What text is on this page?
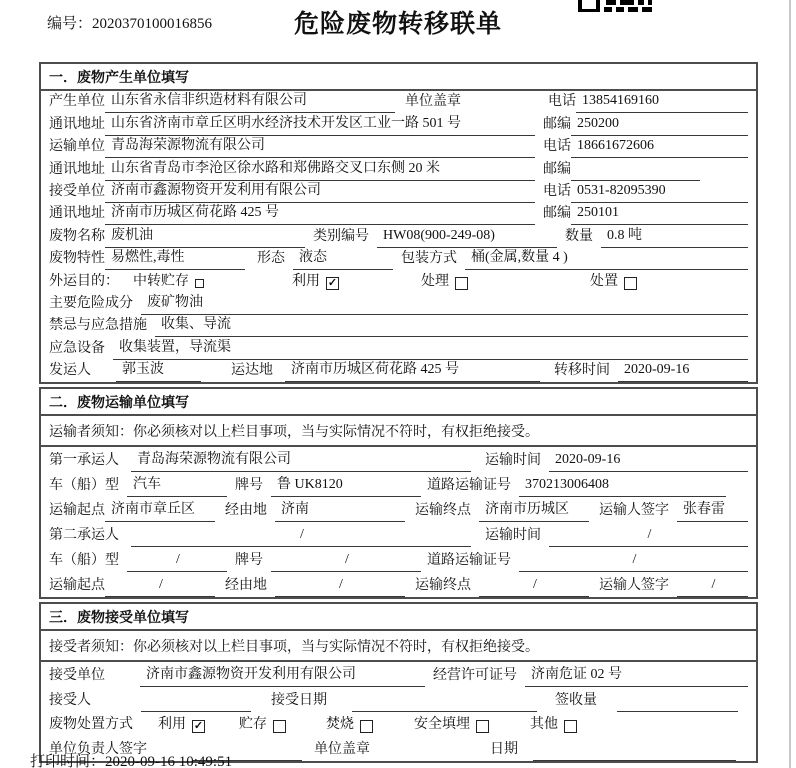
编号：2020370100016856	危险废物转移联单
一．废物产生单位填写
产生单位 山东省永信非织造材料有限公司	单位盖章	电话 13854169160
通讯地址 山东省济南市章丘区明水经济技术开发区工业一路 501 号	邮编 250200
运输单位 青岛海荣源物流有限公司	电话 18661672606
通讯地址 山东省青岛市李沧区徐水路和郑佛路交叉口东侧 20 米	邮编
接受单位 济南市鑫源物资开发利用有限公司	电话 0531-82095390
通讯地址 济南市历城区荷花路 425 号	邮编 250101
废物名称 废机油	类别编号	HW08(900-249-08)	数量	0.8 吨
废物特性 易燃性,毒性	形态	液态	包装方式	桶(金属,数量 4 )
外运目的： 中转贮存	利用 ✓	处理	处置
主要危险成分	废矿物油
禁忌与应急措施	收集、导流
应急设备	收集装置，导流渠
发运人	郭玉波	运达地	济南市历城区荷花路 425 号	转移时间	2020-09-16
二．废物运输单位填写
运输者须知：你必须核对以上栏目事项，当与实际情况不符时，有权拒绝接受。
第一承运人	青岛海荣源物流有限公司	运输时间	2020-09-16
车（船）型	汽车	牌号	鲁 UK8120	道路运输证号	370213006408
运输起点 济南市章丘区	经由地	济南	运输终点	济南市历城区	运输人签字	张春雷
第二承运人	/	运输时间	/
车（船）型	/	牌号	/	道路运输证号	/
运输起点	/	经由地	/	运输终点	/	运输人签字	/
三．废物接受单位填写
接受者须知：你必须核对以上栏目事项，当与实际情况不符时，有权拒绝接受。
接受单位	济南市鑫源物资开发利用有限公司	经营许可证号	济南危证 02 号
接受人	接受日期	签收量
废物处置方式 利用 ✓	贮存	焚烧	安全填埋	其他
单位负责人签字	单位盖章	日期
打印时间：2020-09-16 10:49:51
